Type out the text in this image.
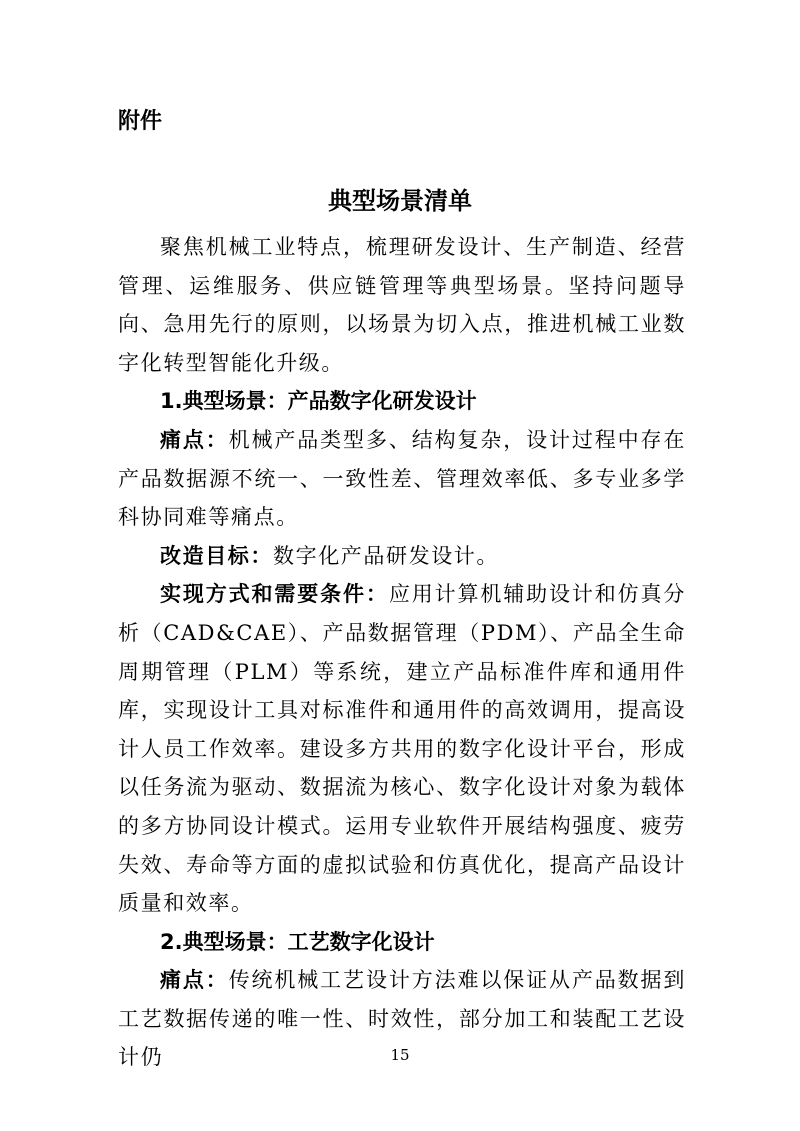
附件

典型场景清单

聚焦机械工业特点，梳理研发设计、生产制造、经营管理、运维服务、供应链管理等典型场景。坚持问题导向、急用先行的原则，以场景为切入点，推进机械工业数字化转型智能化升级。

1.典型场景：产品数字化研发设计

痛点：机械产品类型多、结构复杂，设计过程中存在产品数据源不统一、一致性差、管理效率低、多专业多学科协同难等痛点。

改造目标：数字化产品研发设计。

实现方式和需要条件：应用计算机辅助设计和仿真分析（CAD&CAE）、产品数据管理（PDM）、产品全生命周期管理（PLM）等系统，建立产品标准件库和通用件库，实现设计工具对标准件和通用件的高效调用，提高设计人员工作效率。建设多方共用的数字化设计平台，形成以任务流为驱动、数据流为核心、数字化设计对象为载体的多方协同设计模式。运用专业软件开展结构强度、疲劳失效、寿命等方面的虚拟试验和仿真优化，提高产品设计质量和效率。

2.典型场景：工艺数字化设计

痛点：传统机械工艺设计方法难以保证从产品数据到工艺数据传递的唯一性、时效性，部分加工和装配工艺设计仍	15
